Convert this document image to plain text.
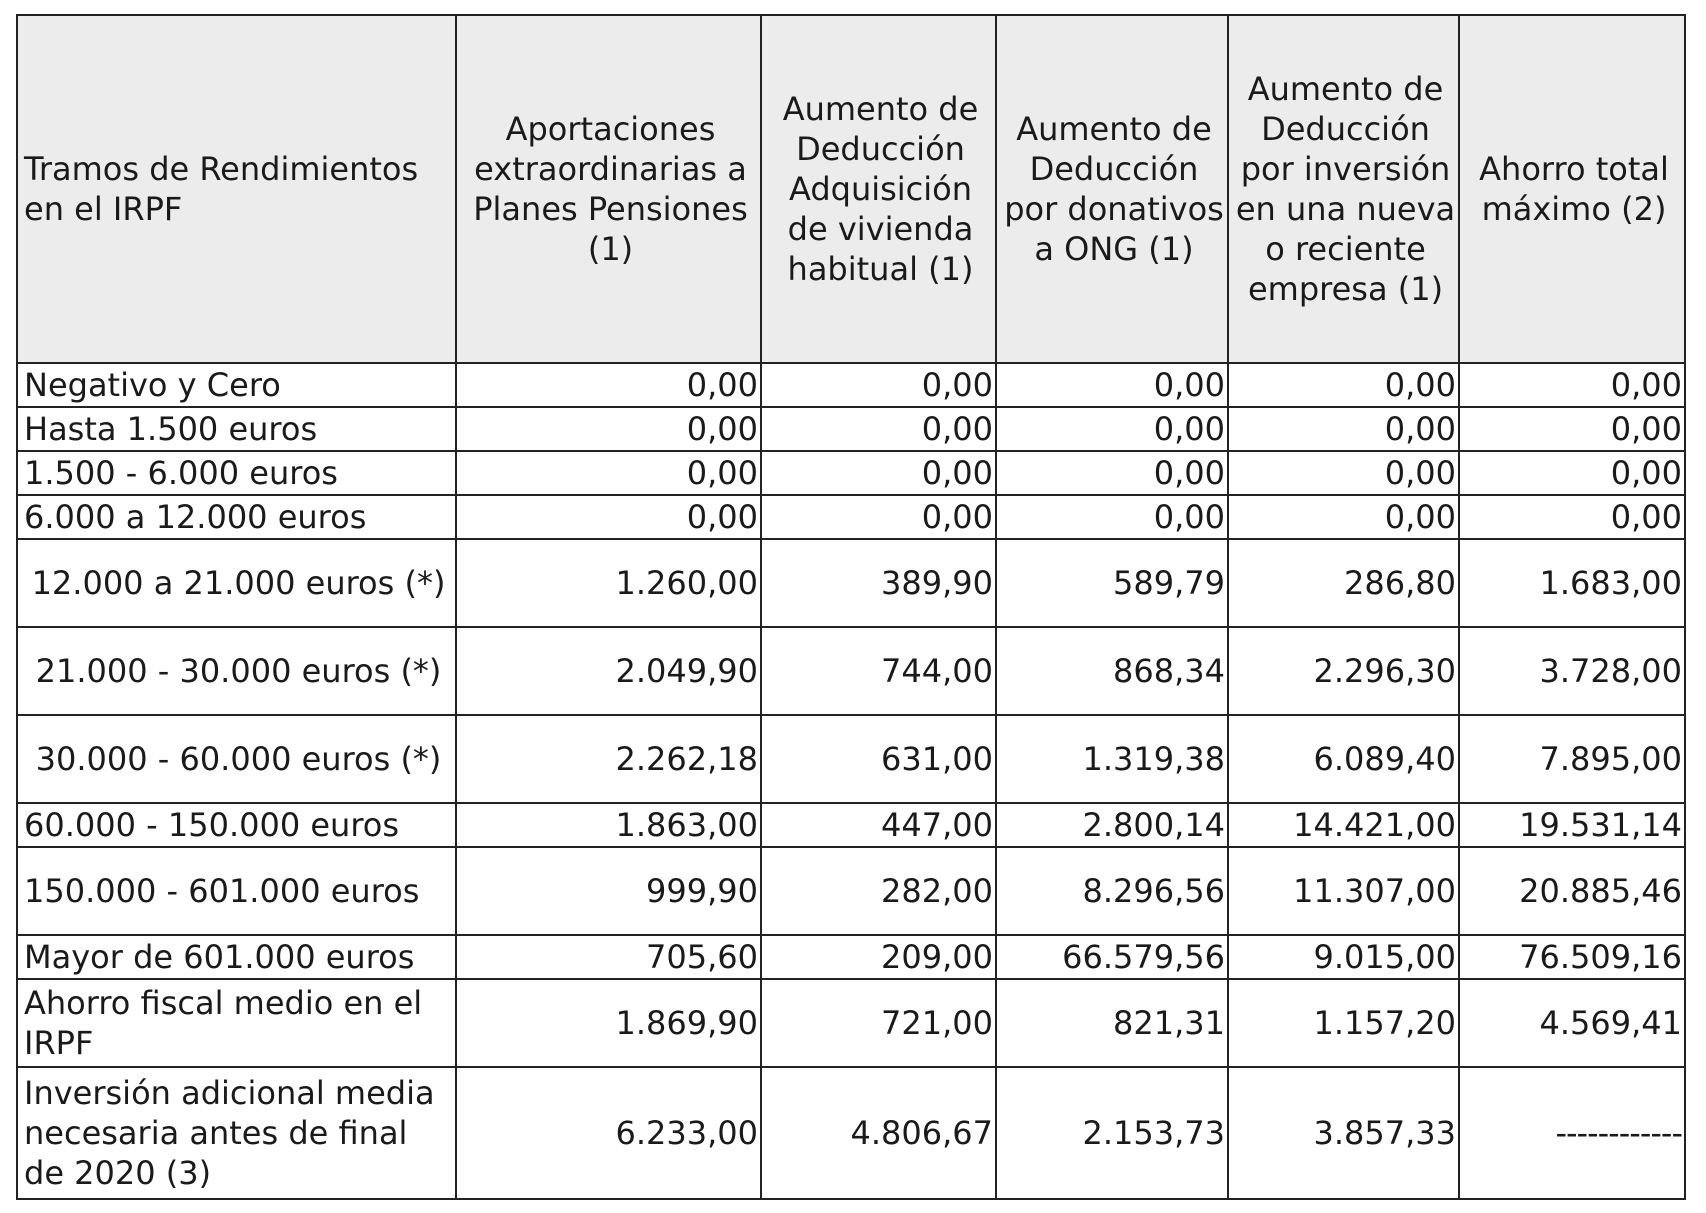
Tramos de Rendimientos en el IRPF	Aportaciones extraordinarias a Planes Pensiones (1)	Aumento de Deducción Adquisición de vivienda habitual (1)	Aumento de Deducción por donativos a ONG (1)	Aumento de Deducción por inversión en una nueva o reciente empresa (1)	Ahorro total máximo (2)
Negativo y Cero	0,00	0,00	0,00	0,00	0,00
Hasta 1.500 euros	0,00	0,00	0,00	0,00	0,00
1.500 - 6.000 euros	0,00	0,00	0,00	0,00	0,00
6.000 a 12.000 euros	0,00	0,00	0,00	0,00	0,00
12.000 a 21.000 euros (*)	1.260,00	389,90	589,79	286,80	1.683,00
21.000 - 30.000 euros (*)	2.049,90	744,00	868,34	2.296,30	3.728,00
30.000 - 60.000 euros (*)	2.262,18	631,00	1.319,38	6.089,40	7.895,00
60.000 - 150.000 euros	1.863,00	447,00	2.800,14	14.421,00	19.531,14
150.000 - 601.000 euros	999,90	282,00	8.296,56	11.307,00	20.885,46
Mayor de 601.000 euros	705,60	209,00	66.579,56	9.015,00	76.509,16
Ahorro fiscal medio en el IRPF	1.869,90	721,00	821,31	1.157,20	4.569,41
Inversión adicional media necesaria antes de final de 2020 (3)	6.233,00	4.806,67	2.153,73	3.857,33	------------
